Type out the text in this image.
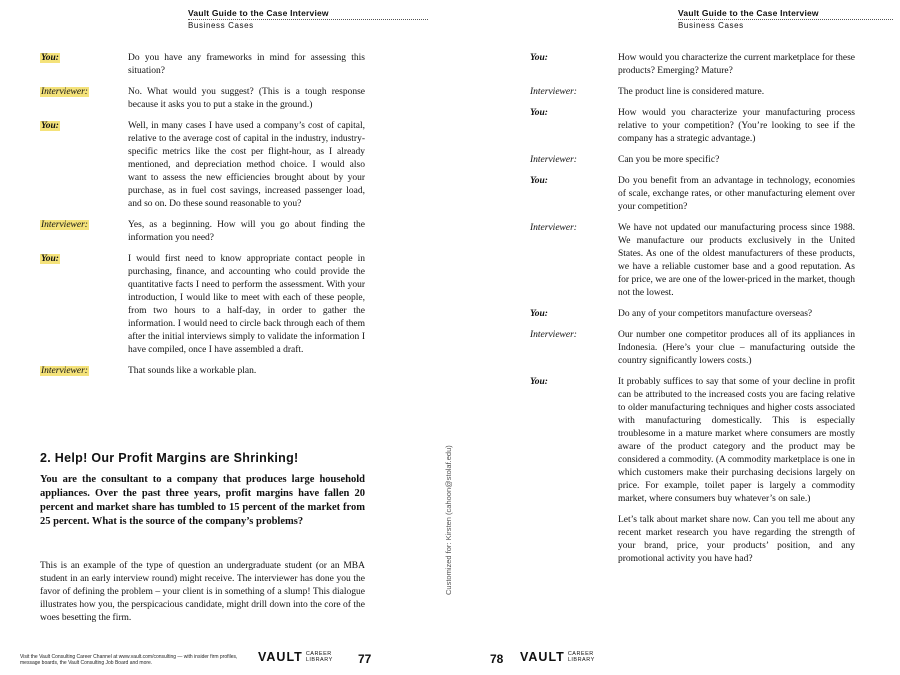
Vault Guide to the Case Interview
Business Cases
You:	Do you have any frameworks in mind for assessing this situation?
Interviewer:	No. What would you suggest? (This is a tough response because it asks you to put a stake in the ground.)
You:	Well, in many cases I have used a company’s cost of capital, relative to the average cost of capital in the industry, industry-specific metrics like the cost per flight-hour, as I already mentioned, and depreciation method choice. I would also want to assess the new efficiencies brought about by your purchase, as in fuel cost savings, increased passenger load, and so on. Do these sound reasonable to you?
Interviewer:	Yes, as a beginning. How will you go about finding the information you need?
You:	I would first need to know appropriate contact people in purchasing, finance, and accounting who could provide the quantitative facts I need to perform the assessment. With your introduction, I would like to meet with each of these people, from two hours to a half-day, in order to gather the information. I would need to circle back through each of them after the initial interviews simply to validate the information I have compiled, once I have assembled a draft.
Interviewer:	That sounds like a workable plan.
2. Help! Our Profit Margins are Shrinking!
You are the consultant to a company that produces large household appliances. Over the past three years, profit margins have fallen 20 percent and market share has tumbled to 15 percent of the market from 25 percent. What is the source of the company’s problems?
This is an example of the type of question an undergraduate student (or an MBA student in an early interview round) might receive. The interviewer has done you the favor of defining the problem – your client is in something of a slump! This dialogue illustrates how you, the perspicacious candidate, might drill down into the core of the woes besetting the firm.
Visit the Vault Consulting Career Channel at www.vault.com/consulting — with insider firm profiles, message boards, the Vault Consulting Job Board and more.	VAULT CAREER
LIBRARY 77
Customized for: Kirsten (cahoon@stolaf.edu)
Vault Guide to the Case Interview
Business Cases
You:	How would you characterize the current marketplace for these products? Emerging? Mature?
Interviewer:	The product line is considered mature.
You:	How would you characterize your manufacturing process relative to your competition? (You’re looking to see if the company has a strategic advantage.)
Interviewer:	Can you be more specific?
You:	Do you benefit from an advantage in technology, economies of scale, exchange rates, or other manufacturing element over your competition?
Interviewer:	We have not updated our manufacturing process since 1988. We manufacture our products exclusively in the United States. As one of the oldest manufacturers of these products, we have a reliable customer base and a good reputation. As for price, we are one of the lower-priced in the market, though not the lowest.
You:	Do any of your competitors manufacture overseas?
Interviewer:	Our number one competitor produces all of its appliances in Indonesia. (Here’s your clue – manufacturing outside the country significantly lowers costs.)
You:	It probably suffices to say that some of your decline in profit can be attributed to the increased costs you are facing relative to older manufacturing techniques and higher costs associated with manufacturing domestically. This is especially troublesome in a mature market where consumers are mostly aware of the product category and the product may be considered a commodity. (A commodity marketplace is one in which customers make their purchasing decisions largely on price. For example, toilet paper is largely a commodity market, where consumers buy whatever’s on sale.)
Let’s talk about market share now. Can you tell me about any recent market research you have regarding the strength of your brand, price, your products’ position, and any promotional activity you have had?
78 VAULT CAREER
LIBRARY
